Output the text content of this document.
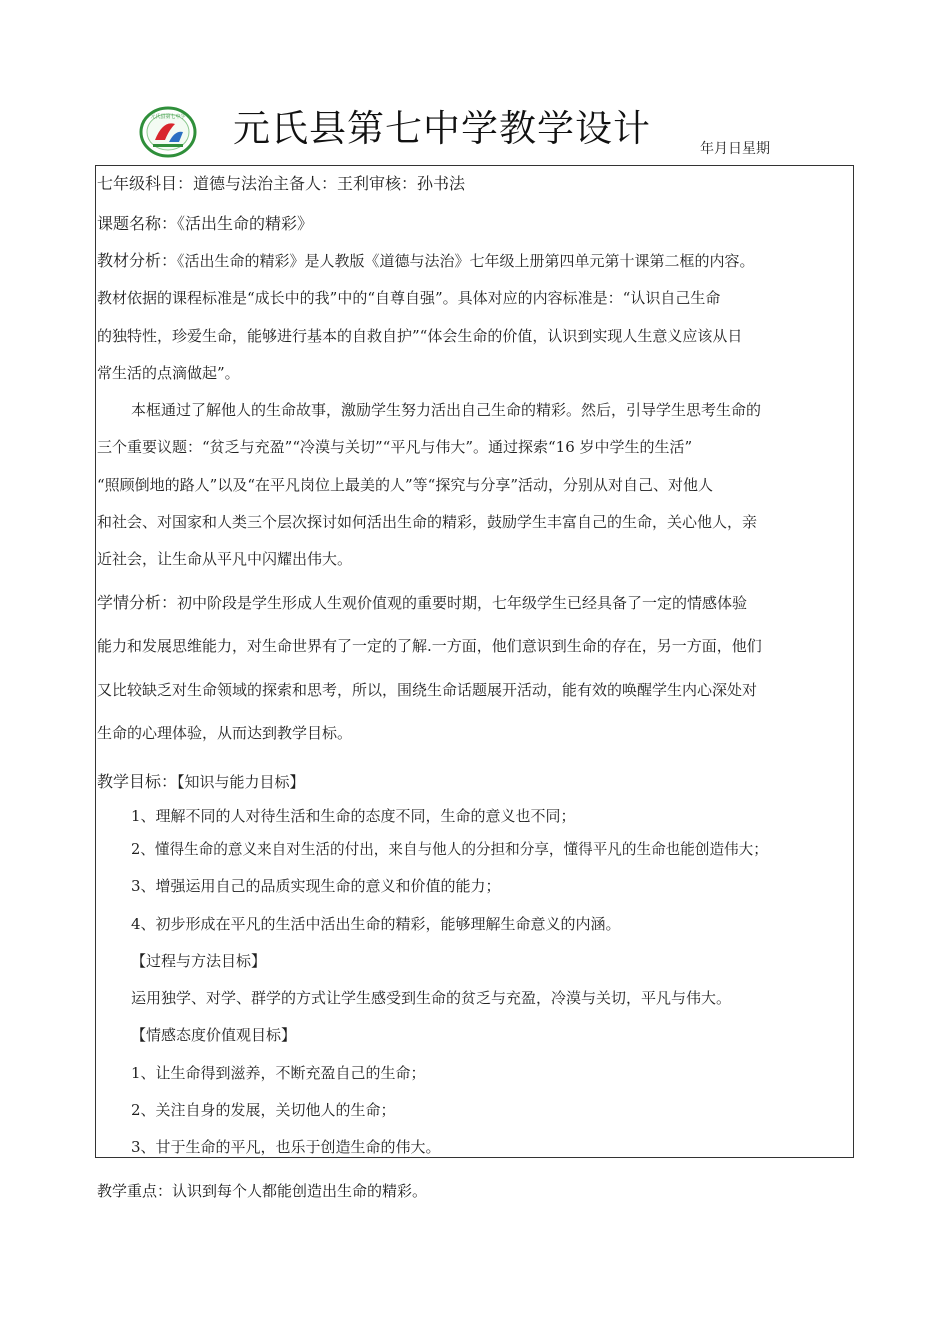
元氏县第七中学 元氏县第七中学教学设计	年月日星期
七年级科目：道德与法治主备人：王利审核：孙书法
课题名称：《活出生命的精彩》
教材分析：《活出生命的精彩》是人教版《道德与法治》七年级上册第四单元第十课第二框的内容。
教材依据的课程标准是“成长中的我”中的“自尊自强”。具体对应的内容标准是：“认识自己生命
的独特性，珍爱生命，能够进行基本的自救自护”“体会生命的价值，认识到实现人生意义应该从日
常生活的点滴做起”。
本框通过了解他人的生命故事，激励学生努力活出自己生命的精彩。然后，引导学生思考生命的
三个重要议题：“贫乏与充盈”“冷漠与关切”“平凡与伟大”。通过探索“16 岁中学生的生活”
“照顾倒地的路人”以及“在平凡岗位上最美的人”等“探究与分享”活动，分别从对自己、对他人
和社会、对国家和人类三个层次探讨如何活出生命的精彩，鼓励学生丰富自己的生命，关心他人，亲
近社会，让生命从平凡中闪耀出伟大。
学情分析：初中阶段是学生形成人生观价值观的重要时期，七年级学生已经具备了一定的情感体验
能力和发展思维能力，对生命世界有了一定的了解.一方面，他们意识到生命的存在，另一方面，他们
又比较缺乏对生命领域的探索和思考，所以，围绕生命话题展开活动，能有效的唤醒学生内心深处对
生命的心理体验，从而达到教学目标。
教学目标：【知识与能力目标】
1、理解不同的人对待生活和生命的态度不同，生命的意义也不同；
2、懂得生命的意义来自对生活的付出，来自与他人的分担和分享，懂得平凡的生命也能创造伟大；
3、增强运用自己的品质实现生命的意义和价值的能力；
4、初步形成在平凡的生活中活出生命的精彩，能够理解生命意义的内涵。
【过程与方法目标】
运用独学、对学、群学的方式让学生感受到生命的贫乏与充盈，冷漠与关切，平凡与伟大。
【情感态度价值观目标】
1、让生命得到滋养，不断充盈自己的生命；
2、关注自身的发展，关切他人的生命；
3、甘于生命的平凡，也乐于创造生命的伟大。
教学重点：认识到每个人都能创造出生命的精彩。
